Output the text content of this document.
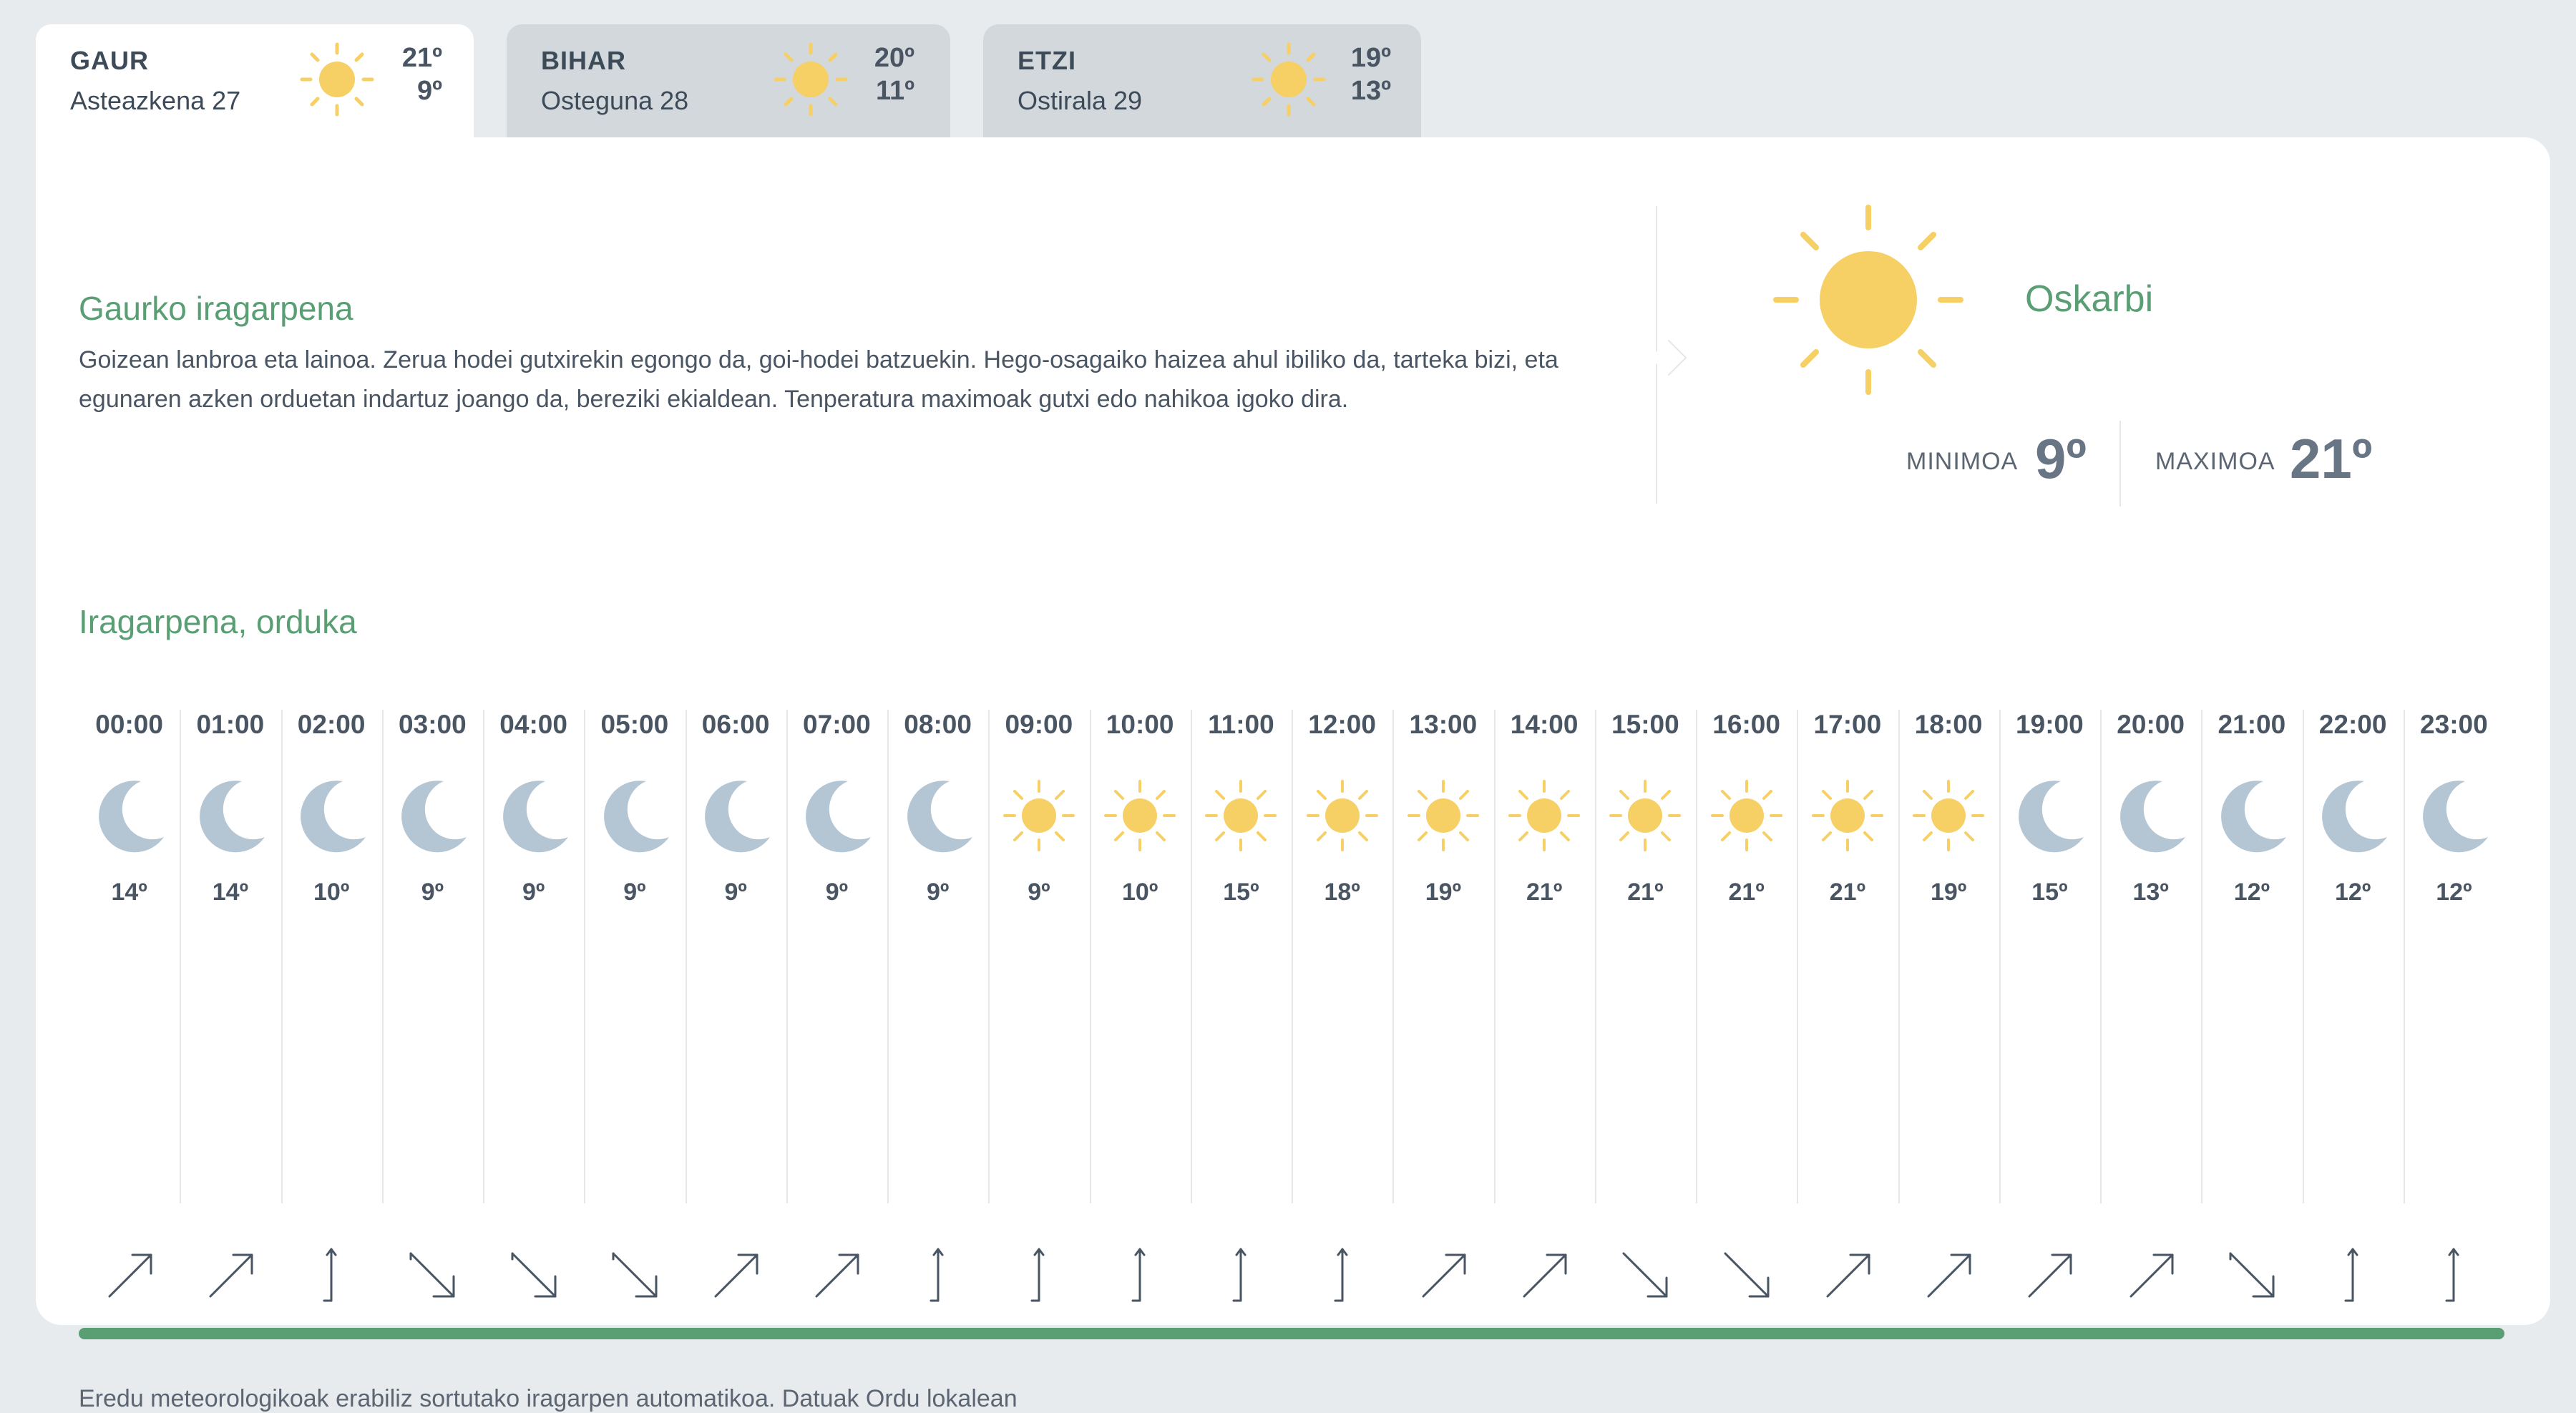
GAUR
Asteazkena 27
21º
9º
BIHAR
Osteguna 28
20º
11º
ETZI
Ostirala 29
19º
13º
Gaurko iragarpena
Goizean lanbroa eta lainoa. Zerua hodei gutxirekin egongo da, goi-hodei batzuekin. Hego-osagaiko haizea ahul ibiliko da, tarteka bizi, eta egunaren azken orduetan indartuz joango da, bereziki ekialdean. Tenperatura maximoak gutxi edo nahikoa igoko dira.
Oskarbi
MINIMOA 9º	MAXIMOA 21º
Iragarpena, orduka
00:00
14º
01:00
14º
02:00
10º
03:00
9º
04:00
9º
05:00
9º
06:00
9º
07:00
9º
08:00
9º
09:00
9º
10:00
10º
11:00
15º
12:00
18º
13:00
19º
14:00
21º
15:00
21º
16:00
21º
17:00
21º
18:00
19º
19:00
15º
20:00
13º
21:00
12º
22:00
12º
23:00
12º
Eredu meteorologikoak erabiliz sortutako iragarpen automatikoa. Datuak Ordu lokalean
